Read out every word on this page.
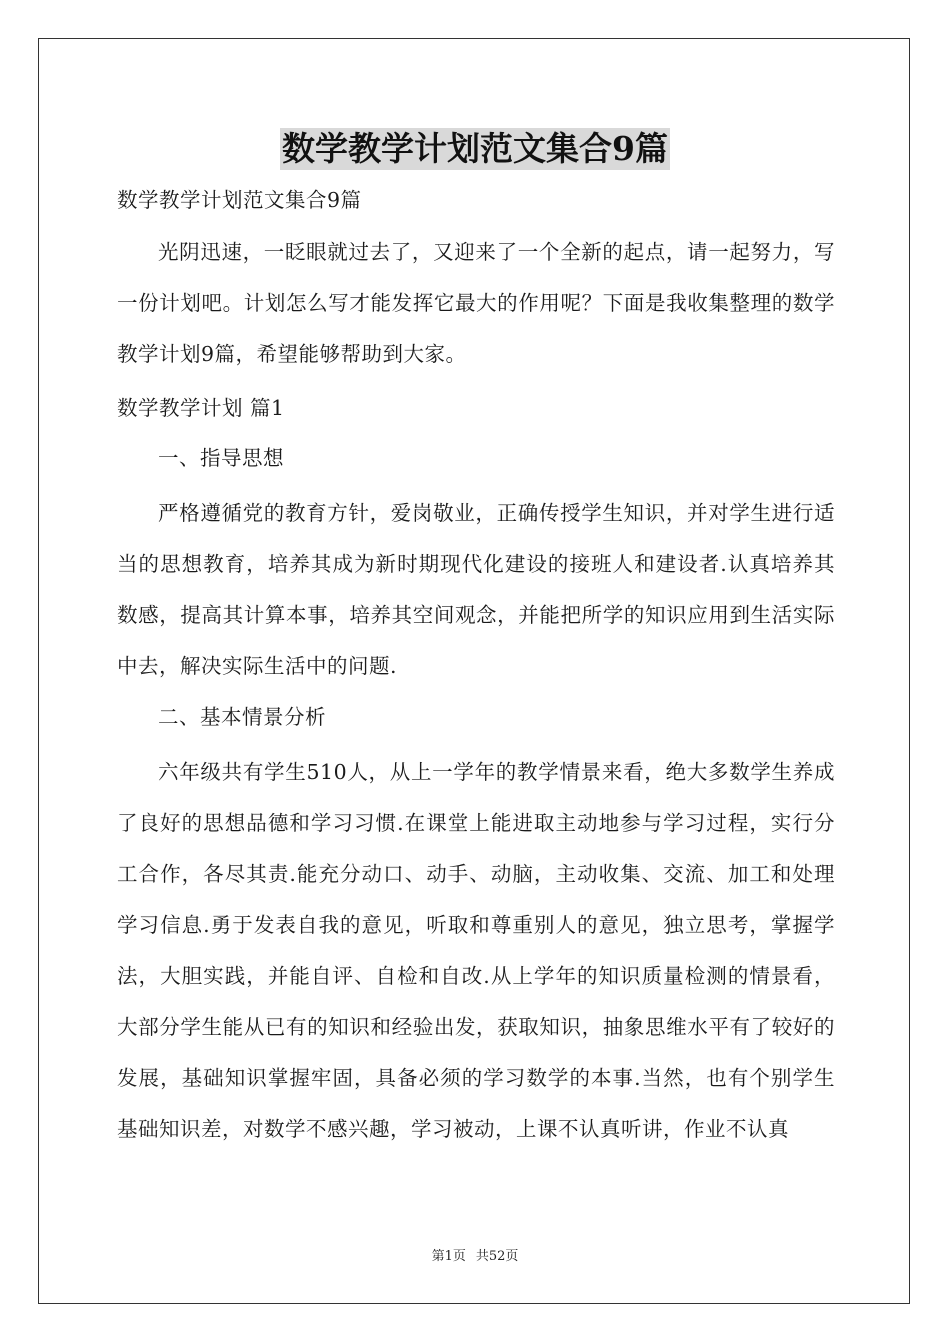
数学教学计划范文集合9篇

数学教学计划范文集合9篇

光阴迅速，一眨眼就过去了，又迎来了一个全新的起点，请一起努力，写一份计划吧。计划怎么写才能发挥它最大的作用呢？下面是我收集整理的数学教学计划9篇，希望能够帮助到大家。

数学教学计划 篇1

一、指导思想

严格遵循党的教育方针，爱岗敬业，正确传授学生知识，并对学生进行适当的思想教育，培养其成为新时期现代化建设的接班人和建设者.认真培养其数感，提高其计算本事，培养其空间观念，并能把所学的知识应用到生活实际中去，解决实际生活中的问题.

二、基本情景分析

六年级共有学生510人，从上一学年的教学情景来看，绝大多数学生养成了良好的思想品德和学习习惯.在课堂上能进取主动地参与学习过程，实行分工合作，各尽其责.能充分动口、动手、动脑，主动收集、交流、加工和处理学习信息.勇于发表自我的意见，听取和尊重别人的意见，独立思考，掌握学法，大胆实践，并能自评、自检和自改.从上学年的知识质量检测的情景看，大部分学生能从已有的知识和经验出发，获取知识，抽象思维水平有了较好的发展，基础知识掌握牢固，具备必须的学习数学的本事.当然，也有个别学生基础知识差，对数学不感兴趣，学习被动，上课不认真听讲，作业不认真

第1页 共52页
